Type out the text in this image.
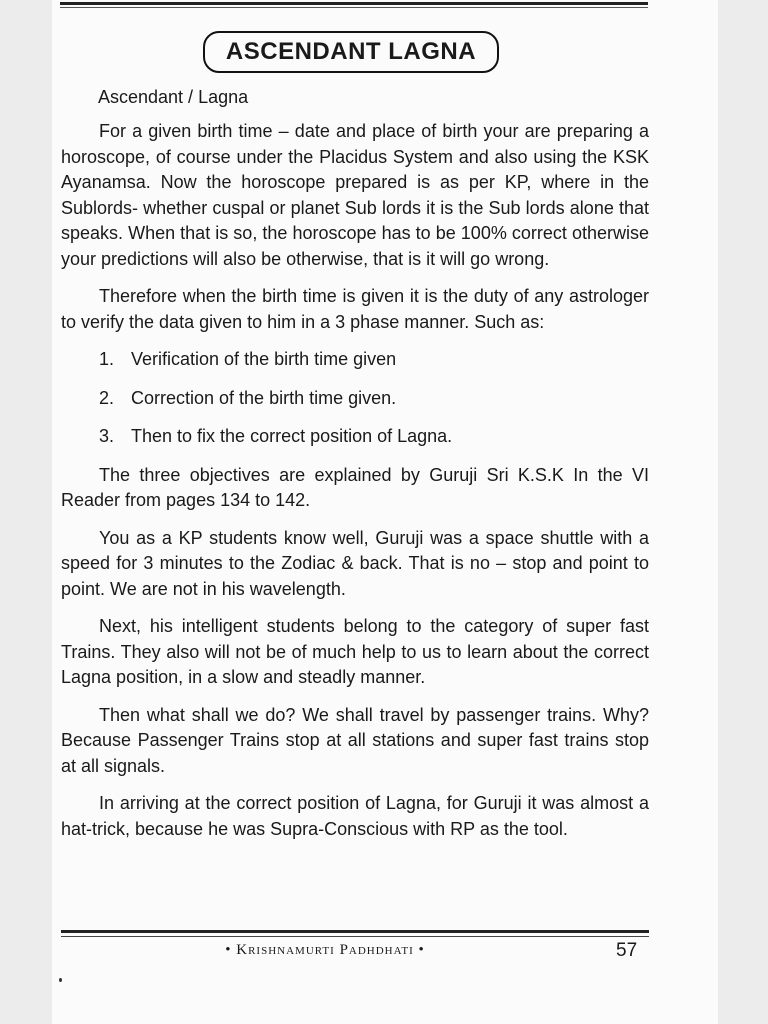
ASCENDANT LAGNA
Ascendant / Lagna

For a given birth time – date and place of birth your are preparing a horoscope, of course under the Placidus System and also using the KSK Ayanamsa. Now the horoscope prepared is as per KP, where in the Sublords- whether cuspal or planet Sub lords it is the Sub lords alone that speaks. When that is so, the horoscope has to be 100% correct otherwise your predictions will also be otherwise, that is it will go wrong.

Therefore when the birth time is given it is the duty of any astrologer to verify the data given to him in a 3 phase manner. Such as:

1. Verification of the birth time given
2. Correction of the birth time given.
3. Then to fix the correct position of Lagna.

The three objectives are explained by Guruji Sri K.S.K In the VI Reader from pages 134 to 142.

You as a KP students know well, Guruji was a space shuttle with a speed for 3 minutes to the Zodiac & back. That is no – stop and point to point. We are not in his wavelength.

Next, his intelligent students belong to the category of super fast Trains. They also will not be of much help to us to learn about the correct Lagna position, in a slow and steadly manner.

Then what shall we do? We shall travel by passenger trains. Why? Because Passenger Trains stop at all stations and super fast trains stop at all signals.

In arriving at the correct position of Lagna, for Guruji it was almost a hat-trick, because he was Supra-Conscious with RP as the tool.

• Krishnamurti Padhdhati •	57
